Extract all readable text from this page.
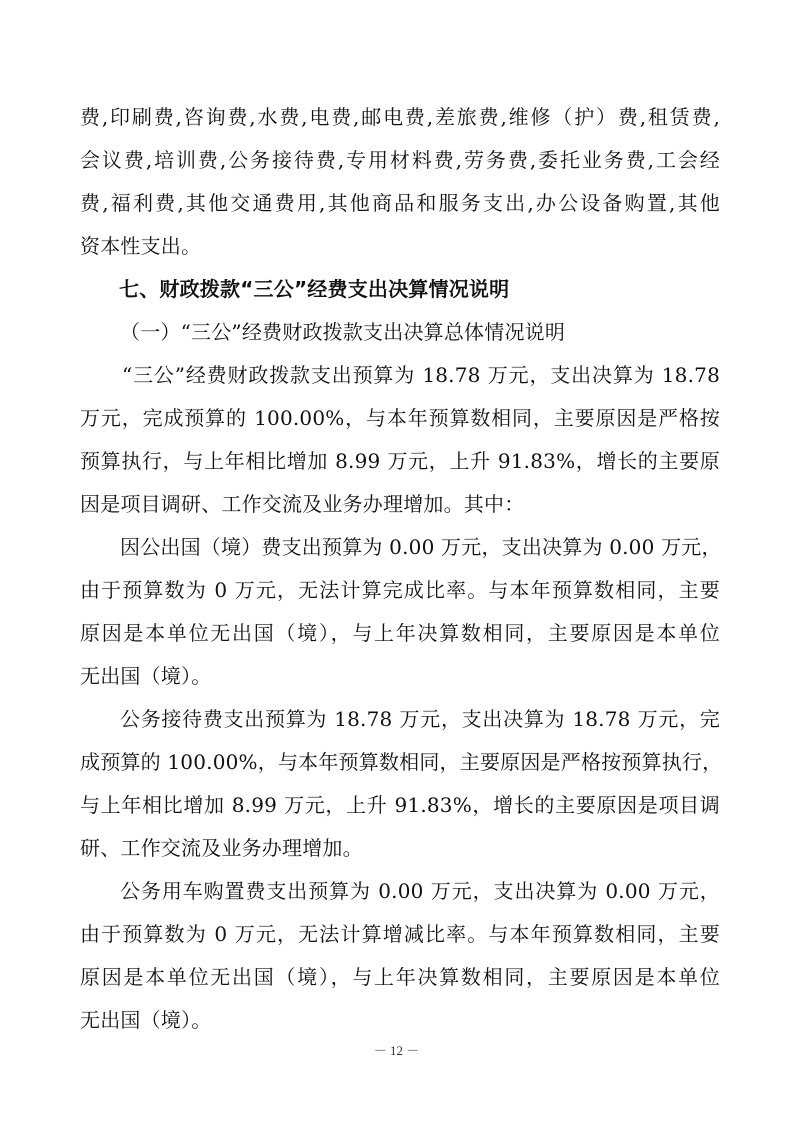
费,印刷费,咨询费,水费,电费,邮电费,差旅费,维修（护）费,租赁费,
会议费,培训费,公务接待费,专用材料费,劳务费,委托业务费,工会经
费,福利费,其他交通费用,其他商品和服务支出,办公设备购置,其他
资本性支出。
七、财政拨款“三公”经费支出决算情况说明
（一）“三公”经费财政拨款支出决算总体情况说明
“三公”经费财政拨款支出预算为 18.78 万元，支出决算为 18.78
万元，完成预算的 100.00%，与本年预算数相同，主要原因是严格按
预算执行，与上年相比增加 8.99 万元，上升 91.83%，增长的主要原
因是项目调研、工作交流及业务办理增加。其中：
因公出国（境）费支出预算为 0.00 万元，支出决算为 0.00 万元，
由于预算数为 0 万元，无法计算完成比率。与本年预算数相同，主要
原因是本单位无出国（境），与上年决算数相同，主要原因是本单位
无出国（境）。
公务接待费支出预算为 18.78 万元，支出决算为 18.78 万元，完
成预算的 100.00%，与本年预算数相同，主要原因是严格按预算执行，
与上年相比增加 8.99 万元，上升 91.83%，增长的主要原因是项目调
研、工作交流及业务办理增加。
公务用车购置费支出预算为 0.00 万元，支出决算为 0.00 万元，
由于预算数为 0 万元，无法计算增减比率。与本年预算数相同，主要
原因是本单位无出国（境），与上年决算数相同，主要原因是本单位
无出国（境）。
－ 12 －
